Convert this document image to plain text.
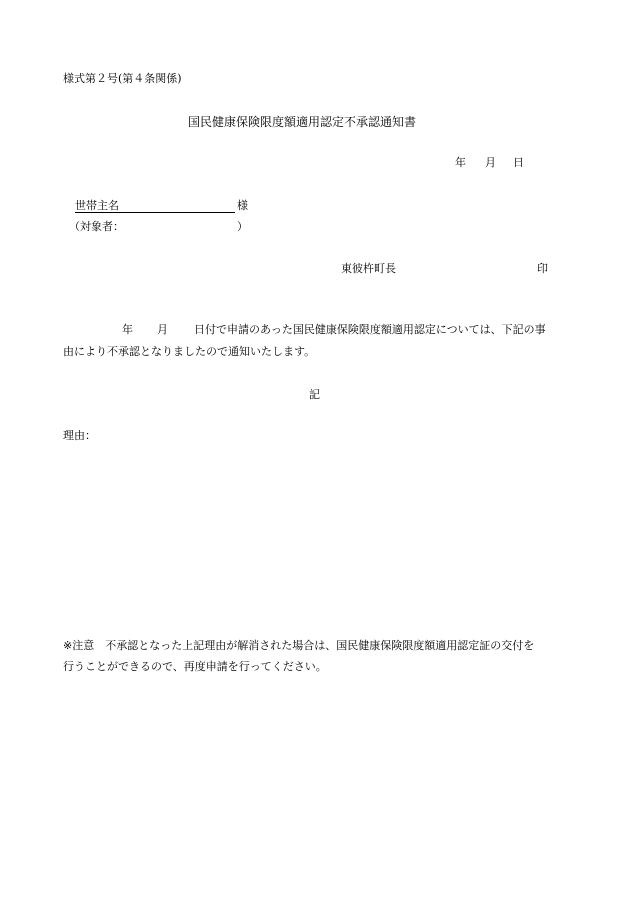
様式第２号(第４条関係)
国民健康保険限度額適用認定不承認通知書
年 月 日
世帯主名	様
（対象者：	）
東彼杵町長	印
年 月 日付で申請のあった国民健康保険限度額適用認定については、下記の事
由により不承認となりましたので通知いたします。
記
理由：
※注意　不承認となった上記理由が解消された場合は、国民健康保険限度額適用認定証の交付を
行うことができるので、再度申請を行ってください。
